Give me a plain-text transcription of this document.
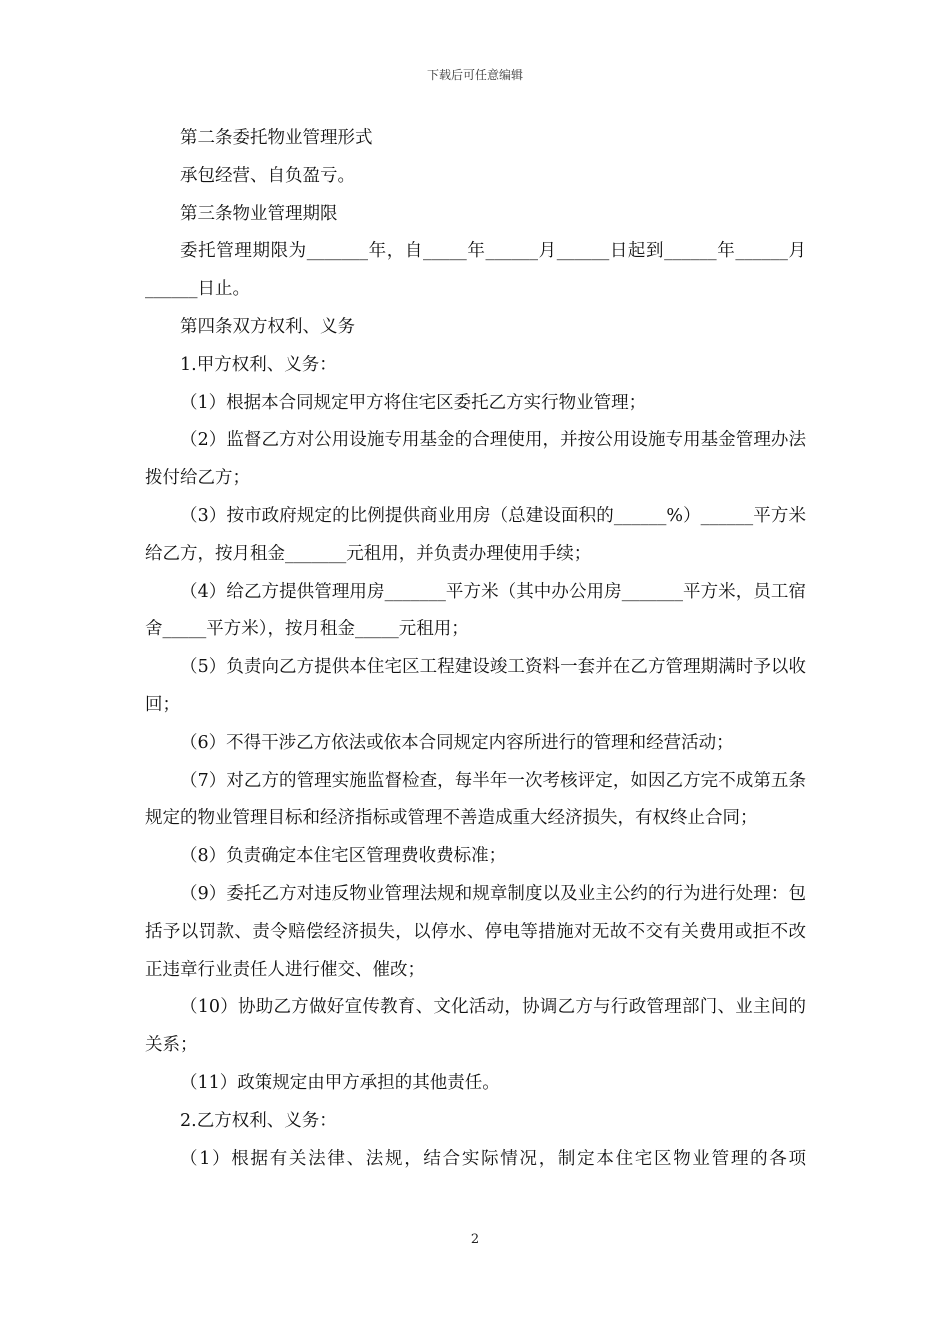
下载后可任意编辑

第二条委托物业管理形式

承包经营、自负盈亏。

第三条物业管理期限

委托管理期限为_______年，自_____年______月______日起到______年______月______日止。

第四条双方权利、义务

1.甲方权利、义务：

（1）根据本合同规定甲方将住宅区委托乙方实行物业管理；

（2）监督乙方对公用设施专用基金的合理使用，并按公用设施专用基金管理办法拨付给乙方；

（3）按市政府规定的比例提供商业用房（总建设面积的______%）______平方米给乙方，按月租金_______元租用，并负责办理使用手续；

（4）给乙方提供管理用房_______平方米（其中办公用房_______平方米，员工宿舍_____平方米），按月租金_____元租用；

（5）负责向乙方提供本住宅区工程建设竣工资料一套并在乙方管理期满时予以收回；

（6）不得干涉乙方依法或依本合同规定内容所进行的管理和经营活动；

（7）对乙方的管理实施监督检查，每半年一次考核评定，如因乙方完不成第五条规定的物业管理目标和经济指标或管理不善造成重大经济损失，有权终止合同；

（8）负责确定本住宅区管理费收费标准；

（9）委托乙方对违反物业管理法规和规章制度以及业主公约的行为进行处理：包括予以罚款、责令赔偿经济损失，以停水、停电等措施对无故不交有关费用或拒不改正违章行业责任人进行催交、催改；

（10）协助乙方做好宣传教育、文化活动，协调乙方与行政管理部门、业主间的关系；

（11）政策规定由甲方承担的其他责任。

2.乙方权利、义务：

（1）根据有关法律、法规，结合实际情况，制定本住宅区物业管理的各项

2
